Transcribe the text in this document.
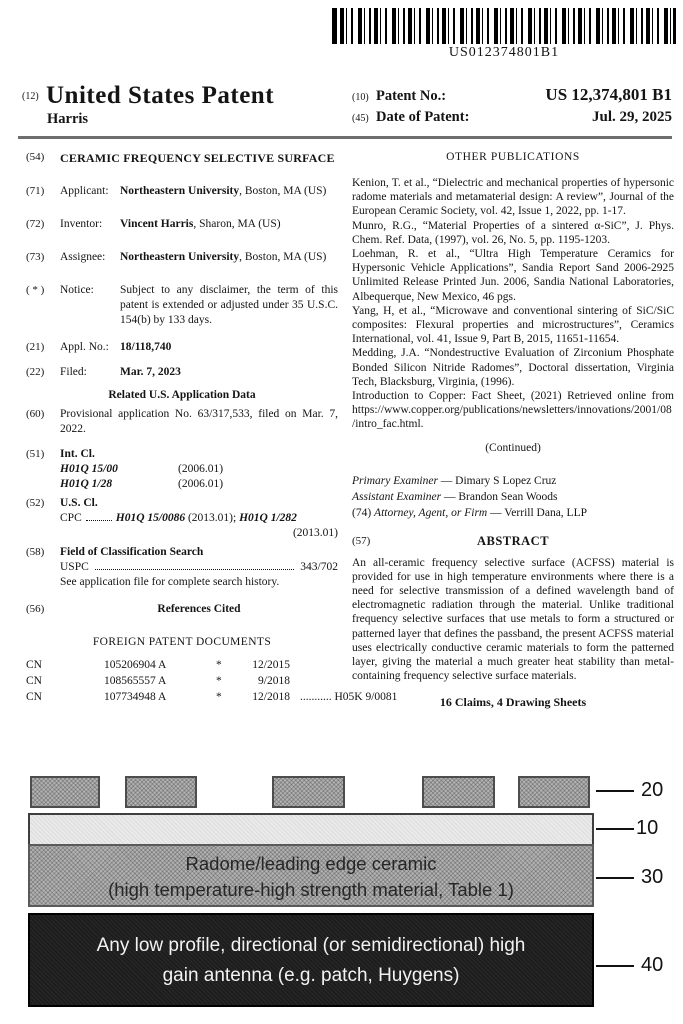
US012374801B1
(12) United States Patent
Harris
(10) Patent No.:	US 12,374,801 B1
(45) Date of Patent:	Jul. 29, 2025
(54)	CERAMIC FREQUENCY SELECTIVE SURFACE
(71)	Applicant: Northeastern University, Boston, MA (US)
(72)	Inventor:	Vincent Harris, Sharon, MA (US)
(73)	Assignee:	Northeastern University, Boston, MA (US)
( * )	Notice:	Subject to any disclaimer, the term of this patent is extended or adjusted under 35 U.S.C. 154(b) by 133 days.
(21)	Appl. No.: 18/118,740
(22)	Filed:	Mar. 7, 2023
Related U.S. Application Data
(60)	Provisional application No. 63/317,533, filed on Mar. 7, 2022.
(51)	Int. Cl.
H01Q 15/00	(2006.01)
H01Q 1/28	(2006.01)
(52)	U.S. Cl.
CPC	H01Q 15/0086 (2013.01); H01Q 1/282
(2013.01)
(58)	Field of Classification Search
USPC	343/702
See application file for complete search history.
(56)	References Cited
FOREIGN PATENT DOCUMENTS
CN	105206904 A	*	12/2015
CN	108565557 A	*	9/2018
CN	107734948 A	*	12/2018 ........... H05K 9/0081
OTHER PUBLICATIONS

Kenion, T. et al., “Dielectric and mechanical properties of hypersonic radome materials and metamaterial design: A review”, Journal of the European Ceramic Society, vol. 42, Issue 1, 2022, pp. 1-17.

Munro, R.G., “Material Properties of a sintered α-SiC”, J. Phys. Chem. Ref. Data, (1997), vol. 26, No. 5, pp. 1195-1203.

Loehman, R. et al., “Ultra High Temperature Ceramics for Hypersonic Vehicle Applications”, Sandia Report Sand 2006-2925 Unlimited Release Printed Jun. 2006, Sandia National Laboratories, Albequerque, New Mexico, 46 pgs.

Yang, H, et al., “Microwave and conventional sintering of SiC/SiC composites: Flexural properties and microstructures”, Ceramics International, vol. 41, Issue 9, Part B, 2015, 11651-11654.

Medding, J.A. “Nondestructive Evaluation of Zirconium Phosphate Bonded Silicon Nitride Radomes”, Doctoral dissertation, Virginia Tech, Blacksburg, Virginia, (1996).

Introduction to Copper: Fact Sheet, (2021) Retrieved online from https://www.copper.org/publications/newsletters/innovations/2001/08/intro_fac.html.

(Continued)
Primary Examiner — Dimary S Lopez Cruz
Assistant Examiner — Brandon Sean Woods
(74) Attorney, Agent, or Firm — Verrill Dana, LLP
(57)	ABSTRACT

An all-ceramic frequency selective surface (ACFSS) material is provided for use in high temperature environments where there is a need for selective transmission of a defined wavelength band of electromagnetic radiation through the material. Unlike traditional frequency selective surfaces that use metals to form a structured or patterned layer that defines the passband, the present ACFSS material uses electrically conductive ceramic materials to form the patterned layer, giving the material a much greater heat stability than metal-containing frequency selective surface materials.

16 Claims, 4 Drawing Sheets
Radome/leading edge ceramic
(high temperature-high strength material, Table 1)
Any low profile, directional (or semidirectional) high
gain antenna (e.g. patch, Huygens)
20
10
30
40
